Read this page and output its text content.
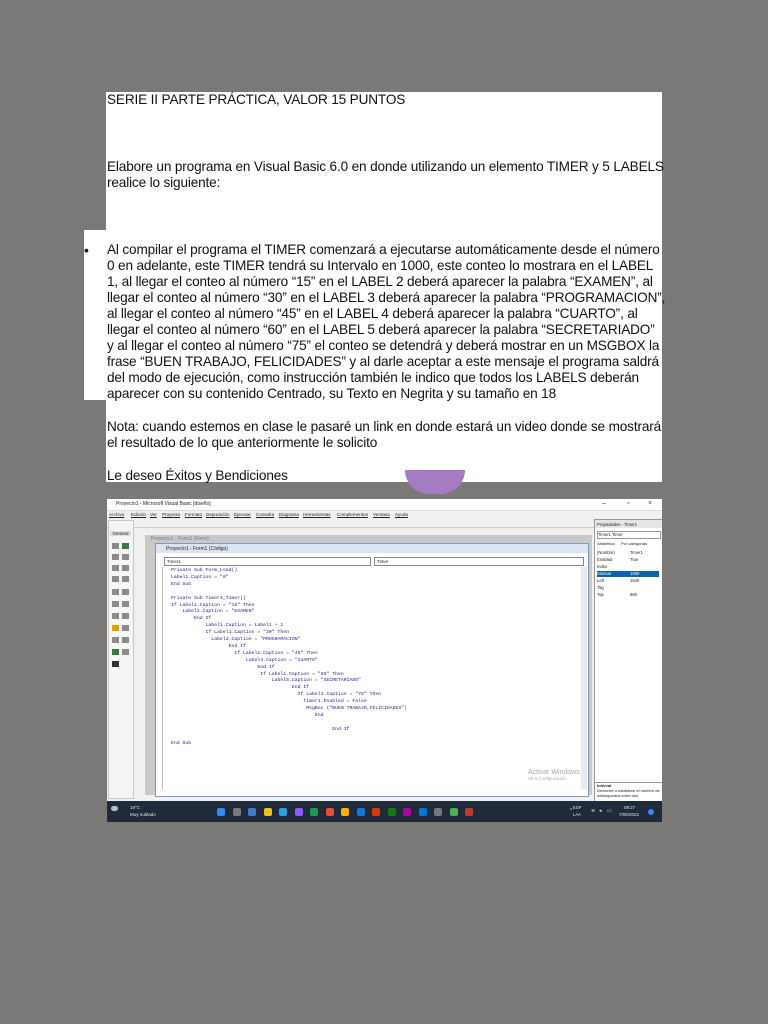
SERIE II PARTE PRÁCTICA, VALOR 15 PUNTOS
Elabore un programa en Visual Basic 6.0 en donde utilizando un elemento TIMER y 5 LABELS
realice lo siguiente:
• Al compilar el programa el TIMER comenzará a ejecutarse automáticamente desde el número
0 en adelante, este TIMER tendrá su Intervalo en 1000, este conteo lo mostrara en el LABEL
1, al llegar el conteo al número “15” en el LABEL 2 deberá aparecer la palabra “EXAMEN”, al
llegar el conteo al número “30” en el LABEL 3 deberá aparecer la palabra “PROGRAMACION”,
al llegar el conteo al número “45” en el LABEL 4 deberá aparecer la palabra “CUARTO”, al
llegar el conteo al número “60” en el LABEL 5 deberá aparecer la palabra “SECRETARIADO”
y al llegar el conteo al número “75” el conteo se detendrá y deberá mostrar en un MSGBOX la
frase “BUEN TRABAJO, FELICIDADES” y al darle aceptar a este mensaje el programa saldrá
del modo de ejecución, como instrucción también le indico que todos los LABELS deberán
aparecer con su contenido Centrado, su Texto en Negrita y su tamaño en 18
Nota: cuando estemos en clase le pasaré un link en donde estará un video donde se mostrará
el resultado de lo que anteriormente le solicito
Le deseo Éxitos y Bendiciones
Proyecto1 - Microsoft Visual Basic [diseño]	–	▫	×
Archivo Edición Ver Proyecto Formato Depuración Ejecutar Consulta Diagrama Herramientas Complementos Ventana Ayuda
General
Proyecto1 - Form1 (Form)
Proyecto1 - Form1 (Código)
Timer1	Timer
Private Sub Form_Load()
Label1.Caption = "0"
End Sub
Private Sub Timer1_Timer()
If Label1.Caption = "15" Then
Label2.Caption = "EXAMEN"
End If
Label1.Caption = Label1 + 1
If Label1.Caption = "30" Then
Label3.Caption = "PROGRAMACION"
End If
If Label1.Caption = "45" Then
Label4.Caption = "CUARTO"
End If
If Label1.Caption = "60" Then
Label5.Caption = "SECRETARIADO"
End If
If Label1.Caption = "75" Then
Timer1.Enabled = False
MsgBox ("BUEN TRABAJO,FELICIDADES")
End
End If
End Sub
Activar Windows
Ve a Configuración
Propiedades - Timer1
Timer1 Timer
Alfabética Por categorías
(Nombre)	Timer1
Enabled	True
Index
Interval	1000
Left	2640
Tag
Top	960
Interval
Devuelve o establece el número de milisegundos entre dos
19°C
Muy nublado
^
ESP
LAA
≋ ◂ ▭
09:27
7/06/2022
